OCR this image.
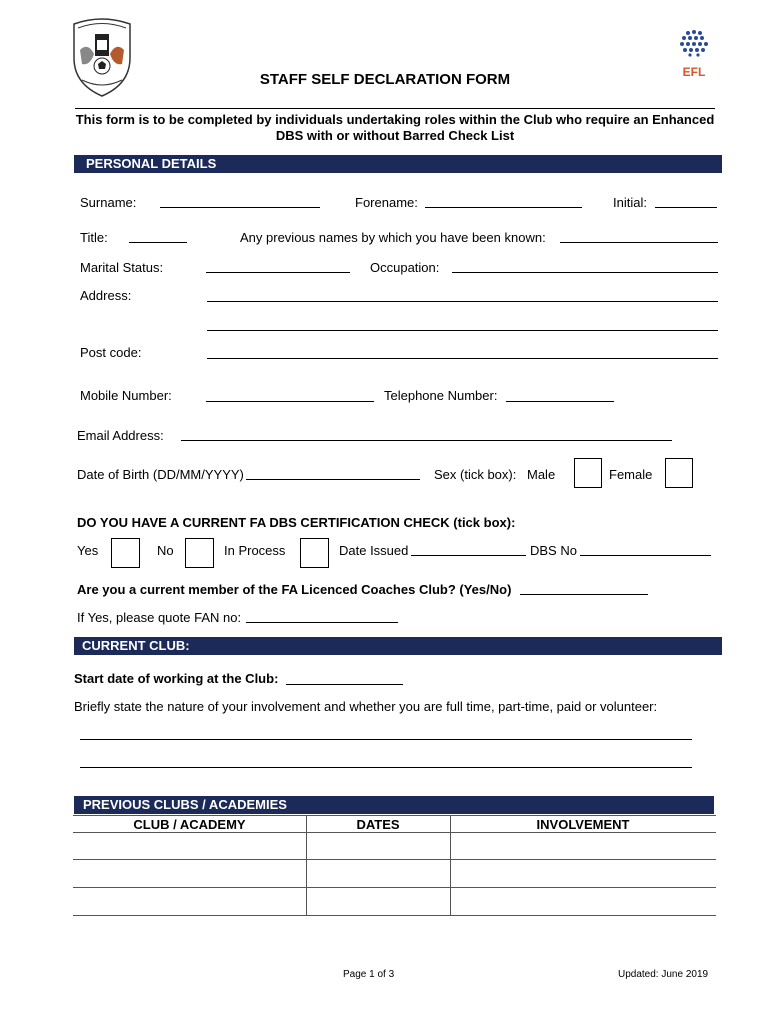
EFL
STAFF SELF DECLARATION FORM
This form is to be completed by individuals undertaking roles within the Club who require an Enhanced
DBS with or without Barred Check List
PERSONAL DETAILS
Surname:	Forename:	Initial:
Title:	Any previous names by which you have been known:
Marital Status:	Occupation:
Address:
Post code:
Mobile Number:	Telephone Number:
Email Address:
Date of Birth (DD/MM/YYYY)	Sex (tick box): Male	Female
DO YOU HAVE A CURRENT FA DBS CERTIFICATION CHECK (tick box):
Yes	No	In Process	Date Issued	DBS No
Are you a current member of the FA Licenced Coaches Club? (Yes/No)
If Yes, please quote FAN no:
CURRENT CLUB:
Start date of working at the Club:
Briefly state the nature of your involvement and whether you are full time, part-time, paid or volunteer:
PREVIOUS CLUBS / ACADEMIES
CLUB / ACADEMY	DATES	INVOLVEMENT
Page 1 of 3	Updated: June 2019
